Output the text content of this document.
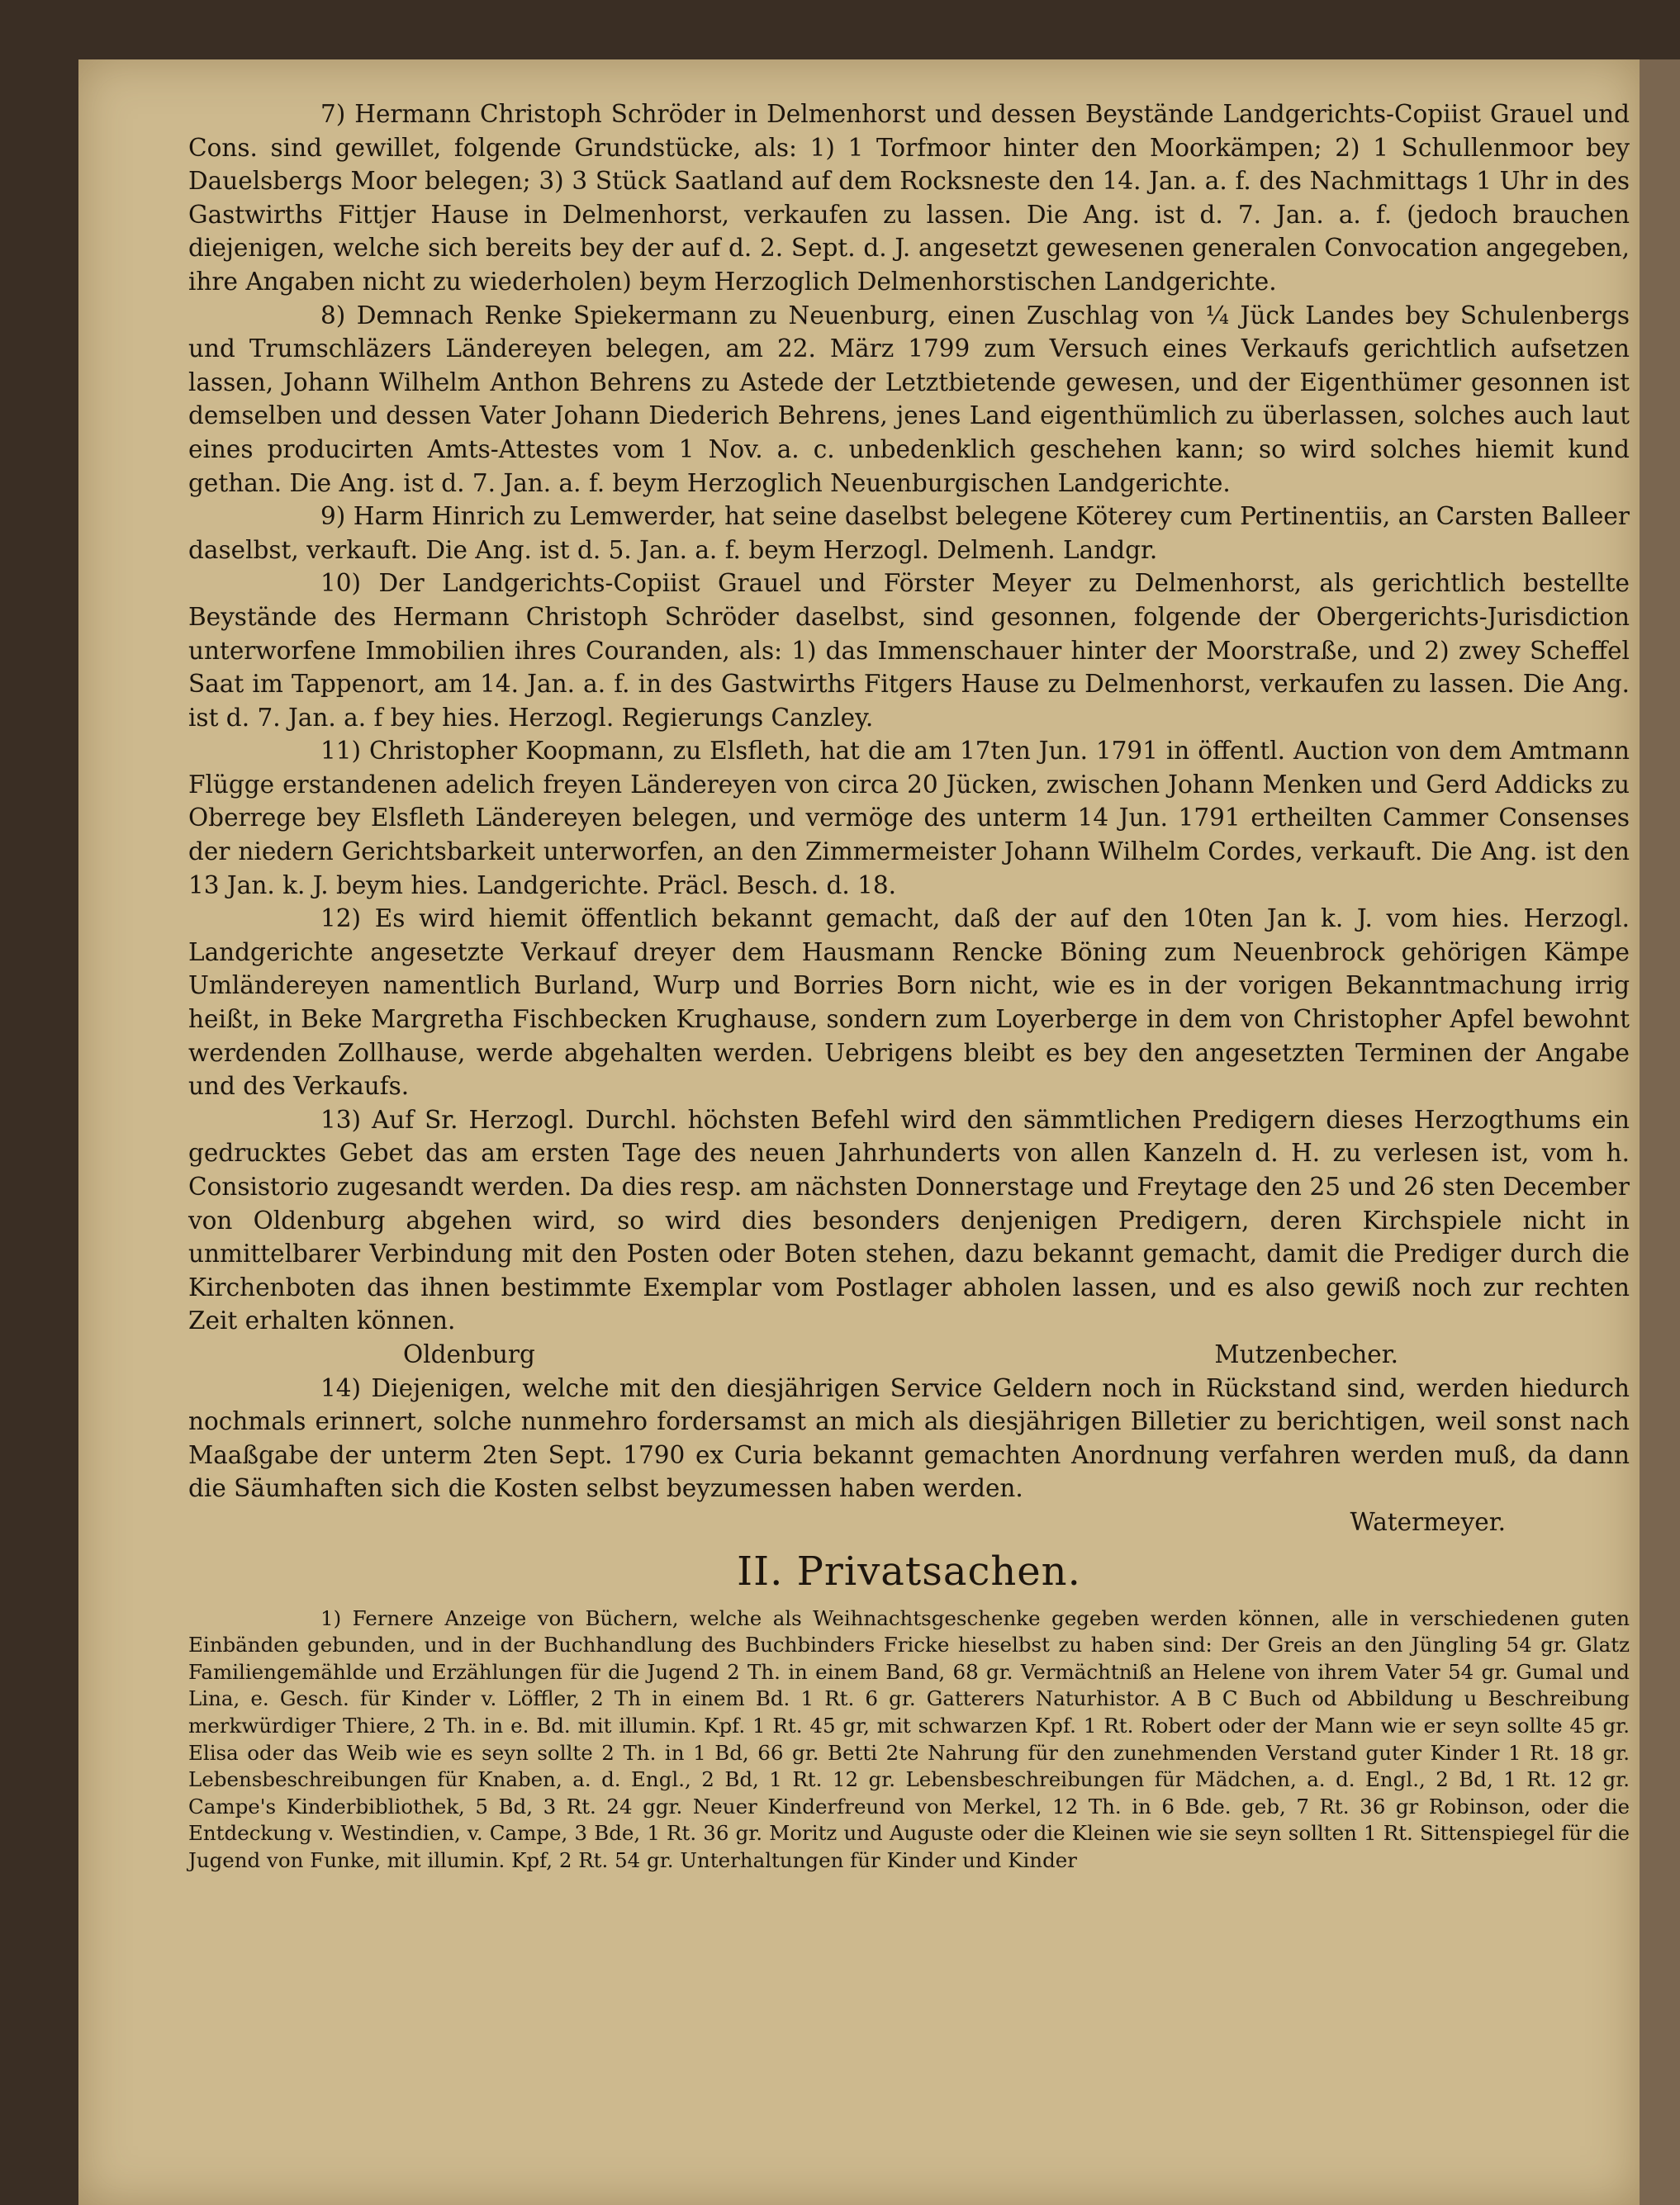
7) Hermann Christoph Schröder in Delmenhorst und dessen Beystände Landgerichts-Copiist Grauel und Cons. sind gewillet, folgende Grundstücke, als: 1) 1 Torfmoor hinter den Moorkämpen; 2) 1 Schullenmoor bey Dauelsbergs Moor belegen; 3) 3 Stück Saatland auf dem Rocksneste den 14. Jan. a. f. des Nachmittags 1 Uhr in des Gastwirths Fittjer Hause in Delmenhorst, verkaufen zu lassen. Die Ang. ist d. 7. Jan. a. f. (jedoch brauchen diejenigen, welche sich bereits bey der auf d. 2. Sept. d. J. angesetzt gewesenen generalen Convocation angegeben, ihre Angaben nicht zu wiederholen) beym Herzoglich Delmenhorstischen Landgerichte.

8) Demnach Renke Spiekermann zu Neuenburg, einen Zuschlag von ¼ Jück Landes bey Schulenbergs und Trumschläzers Ländereyen belegen, am 22. März 1799 zum Versuch eines Verkaufs gerichtlich aufsetzen lassen, Johann Wilhelm Anthon Behrens zu Astede der Letztbietende gewesen, und der Eigenthümer gesonnen ist demselben und dessen Vater Johann Diederich Behrens, jenes Land eigenthümlich zu überlassen, solches auch laut eines producirten Amts-Attestes vom 1 Nov. a. c. unbedenklich geschehen kann; so wird solches hiemit kund gethan. Die Ang. ist d. 7. Jan. a. f. beym Herzoglich Neuenburgischen Landgerichte.

9) Harm Hinrich zu Lemwerder, hat seine daselbst belegene Köterey cum Pertinentiis, an Carsten Balleer daselbst, verkauft. Die Ang. ist d. 5. Jan. a. f. beym Herzogl. Delmenh. Landgr.

10) Der Landgerichts-Copiist Grauel und Förster Meyer zu Delmenhorst, als gerichtlich bestellte Beystände des Hermann Christoph Schröder daselbst, sind gesonnen, folgende der Obergerichts-Jurisdiction unterworfene Immobilien ihres Couranden, als: 1) das Immenschauer hinter der Moorstraße, und 2) zwey Scheffel Saat im Tappenort, am 14. Jan. a. f. in des Gastwirths Fitgers Hause zu Delmenhorst, verkaufen zu lassen. Die Ang. ist d. 7. Jan. a. f bey hies. Herzogl. Regierungs Canzley.

11) Christopher Koopmann, zu Elsfleth, hat die am 17ten Jun. 1791 in öffentl. Auction von dem Amtmann Flügge erstandenen adelich freyen Ländereyen von circa 20 Jücken, zwischen Johann Menken und Gerd Addicks zu Oberrege bey Elsfleth Ländereyen belegen, und vermöge des unterm 14 Jun. 1791 ertheilten Cammer Consenses der niedern Gerichtsbarkeit unterworfen, an den Zimmermeister Johann Wilhelm Cordes, verkauft. Die Ang. ist den 13 Jan. k. J. beym hies. Landgerichte. Präcl. Besch. d. 18.

12) Es wird hiemit öffentlich bekannt gemacht, daß der auf den 10ten Jan k. J. vom hies. Herzogl. Landgerichte angesetzte Verkauf dreyer dem Hausmann Rencke Böning zum Neuenbrock gehörigen Kämpe Umländereyen namentlich Burland, Wurp und Borries Born nicht, wie es in der vorigen Bekanntmachung irrig heißt, in Beke Margretha Fischbecken Krughause, sondern zum Loyerberge in dem von Christopher Apfel bewohnt werdenden Zollhause, werde abgehalten werden. Uebrigens bleibt es bey den angesetzten Terminen der Angabe und des Verkaufs.

13) Auf Sr. Herzogl. Durchl. höchsten Befehl wird den sämmtlichen Predigern dieses Herzogthums ein gedrucktes Gebet das am ersten Tage des neuen Jahrhunderts von allen Kanzeln d. H. zu verlesen ist, vom h. Consistorio zugesandt werden. Da dies resp. am nächsten Donnerstage und Freytage den 25 und 26 sten December von Oldenburg abgehen wird, so wird dies besonders denjenigen Predigern, deren Kirchspiele nicht in unmittelbarer Verbindung mit den Posten oder Boten stehen, dazu bekannt gemacht, damit die Prediger durch die Kirchenboten das ihnen bestimmte Exemplar vom Postlager abholen lassen, und es also gewiß noch zur rechten Zeit erhalten können.

Oldenburg	Mutzenbecher.

14) Diejenigen, welche mit den diesjährigen Service Geldern noch in Rückstand sind, werden hiedurch nochmals erinnert, solche nunmehro fordersamst an mich als diesjährigen Billetier zu berichtigen, weil sonst nach Maaßgabe der unterm 2ten Sept. 1790 ex Curia bekannt gemachten Anordnung verfahren werden muß, da dann die Säumhaften sich die Kosten selbst beyzumessen haben werden.

Watermeyer.
II. Privatsachen.

1) Fernere Anzeige von Büchern, welche als Weihnachtsgeschenke gegeben werden können, alle in verschiedenen guten Einbänden gebunden, und in der Buchhandlung des Buchbinders Fricke hieselbst zu haben sind: Der Greis an den Jüngling 54 gr. Glatz Familiengemählde und Erzählungen für die Jugend 2 Th. in einem Band, 68 gr. Vermächtniß an Helene von ihrem Vater 54 gr. Gumal und Lina, e. Gesch. für Kinder v. Löffler, 2 Th in einem Bd. 1 Rt. 6 gr. Gatterers Naturhistor. A B C Buch od Abbildung u Beschreibung merkwürdiger Thiere, 2 Th. in e. Bd. mit illumin. Kpf. 1 Rt. 45 gr, mit schwarzen Kpf. 1 Rt. Robert oder der Mann wie er seyn sollte 45 gr. Elisa oder das Weib wie es seyn sollte 2 Th. in 1 Bd, 66 gr. Betti 2te Nahrung für den zunehmenden Verstand guter Kinder 1 Rt. 18 gr. Lebensbeschreibungen für Knaben, a. d. Engl., 2 Bd, 1 Rt. 12 gr. Lebensbeschreibungen für Mädchen, a. d. Engl., 2 Bd, 1 Rt. 12 gr. Campe's Kinderbibliothek, 5 Bd, 3 Rt. 24 ggr. Neuer Kinderfreund von Merkel, 12 Th. in 6 Bde. geb, 7 Rt. 36 gr Robinson, oder die Entdeckung v. Westindien, v. Campe, 3 Bde, 1 Rt. 36 gr. Moritz und Auguste oder die Kleinen wie sie seyn sollten 1 Rt. Sittenspiegel für die Jugend von Funke, mit illumin. Kpf, 2 Rt. 54 gr. Unterhaltungen für Kinder und Kinder
